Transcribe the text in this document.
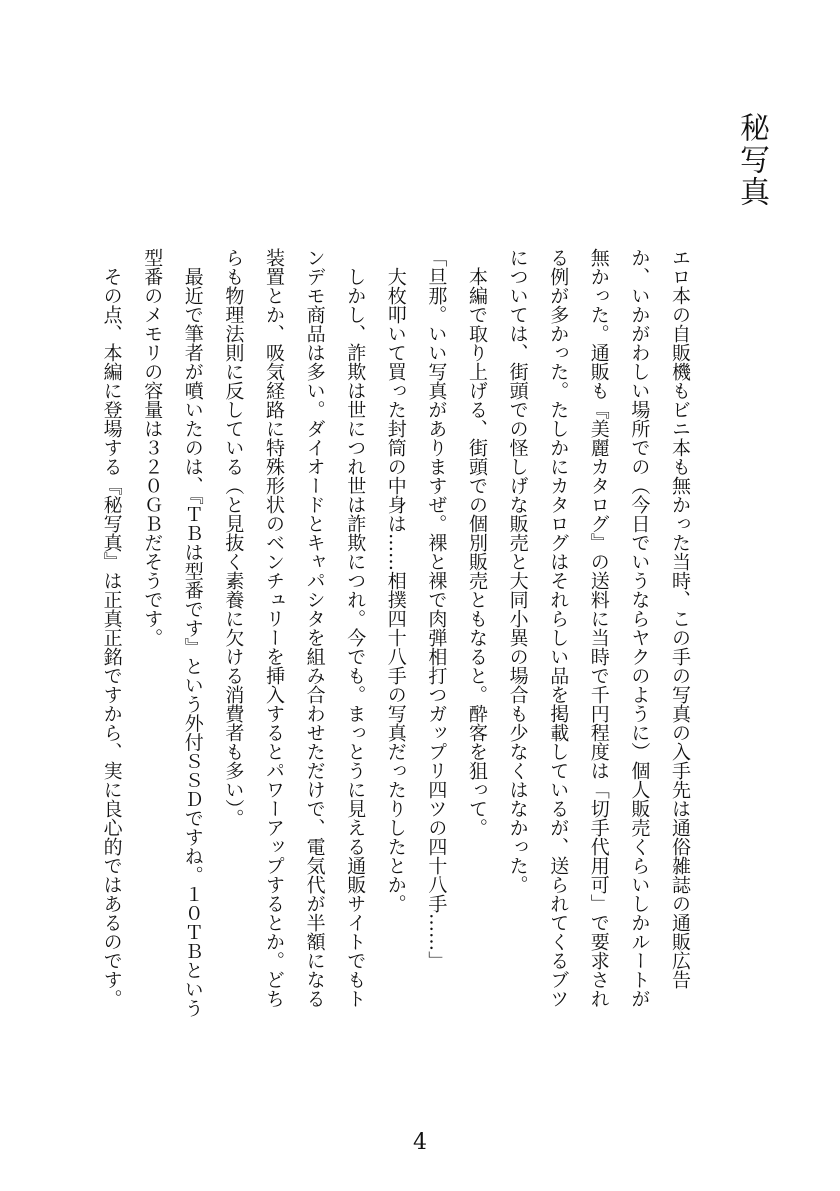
秘写真
エロ本の自販機もビニ本も無かった当時、この手の写真の入手先は通俗雑誌の通販広告
か、いかがわしい場所での（今日でいうならヤクのように）個人販売くらいしかルートが
無かった。通販も『美麗カタログ』の送料に当時で千円程度は「切手代用可」で要求され
る例が多かった。たしかにカタログはそれらしい品を掲載しているが、送られてくるブツ
については、街頭での怪しげな販売と大同小異の場合も少なくはなかった。
　本編で取り上げる、街頭での個別販売ともなると。酔客を狙って。
「旦那。いい写真がありますぜ。裸と裸で肉弾相打つガップリ四ツの四十八手……」
　大枚叩いて買った封筒の中身は……相撲四十八手の写真だったりしたとか。
　しかし、詐欺は世につれ世は詐欺につれ。今でも。まっとうに見える通販サイトでもト
ンデモ商品は多い。ダイオードとキャパシタを組み合わせただけで、電気代が半額になる
装置とか、吸気経路に特殊形状のベンチュリーを挿入するとパワーアップするとか。どち
らも物理法則に反している（と見抜く素養に欠ける消費者も多い）。
　最近で筆者が噴いたのは、『ＴＢは型番です』という外付ＳＳＤですね。１０ＴＢという
型番のメモリの容量は３２０ＧＢだそうです。
　その点、本編に登場する『秘写真』は正真正銘ですから、実に良心的ではあるのです。
4
